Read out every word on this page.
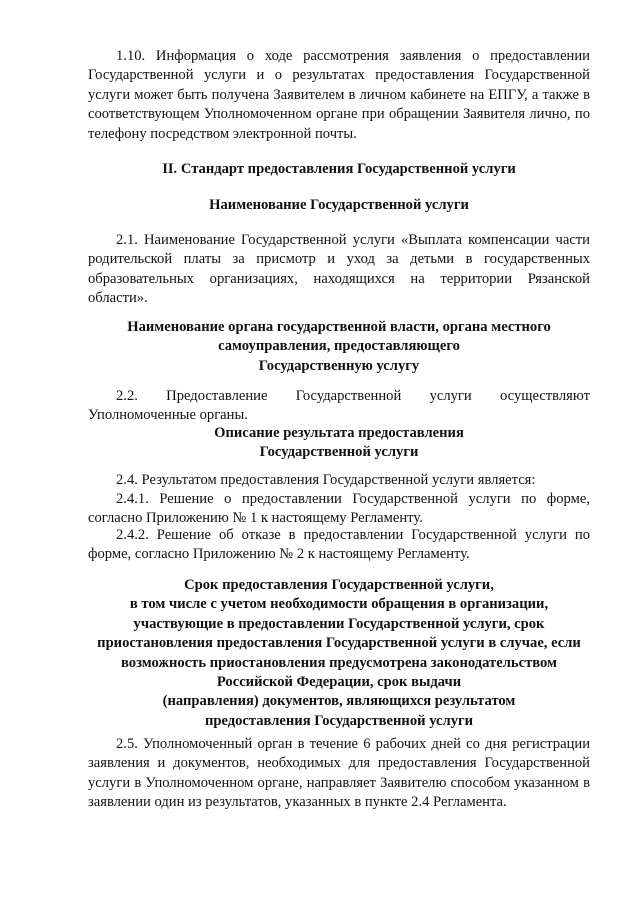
1.10. Информация о ходе рассмотрения заявления о предоставлении Государственной услуги и о результатах предоставления Государственной услуги может быть получена Заявителем в личном кабинете на ЕПГУ, а также в соответствующем Уполномоченном органе при обращении Заявителя лично, по телефону посредством электронной почты.
II. Стандарт предоставления Государственной услуги
Наименование Государственной услуги
2.1. Наименование Государственной услуги «Выплата компенсации части родительской платы за присмотр и уход за детьми в государственных образовательных организациях, находящихся на территории Рязанской области».
Наименование органа государственной власти, органа местного
самоуправления, предоставляющего
Государственную услугу
2.2. Предоставление Государственной услуги осуществляют
Уполномоченные органы.
Описание результата предоставления
Государственной услуги
2.4. Результатом предоставления Государственной услуги является:
2.4.1. Решение о предоставлении Государственной услуги по форме, согласно Приложению № 1 к настоящему Регламенту.
2.4.2. Решение об отказе в предоставлении Государственной услуги по форме, согласно Приложению № 2 к настоящему Регламенту.
Срок предоставления Государственной услуги,
в том числе с учетом необходимости обращения в организации,
участвующие в предоставлении Государственной услуги, срок
приостановления предоставления Государственной услуги в случае, если
возможность приостановления предусмотрена законодательством
Российской Федерации, срок выдачи
(направления) документов, являющихся результатом
предоставления Государственной услуги
2.5. Уполномоченный орган в течение 6 рабочих дней со дня регистрации заявления и документов, необходимых для предоставления Государственной услуги в Уполномоченном органе, направляет Заявителю способом указанном в заявлении один из результатов, указанных в пункте 2.4 Регламента.
